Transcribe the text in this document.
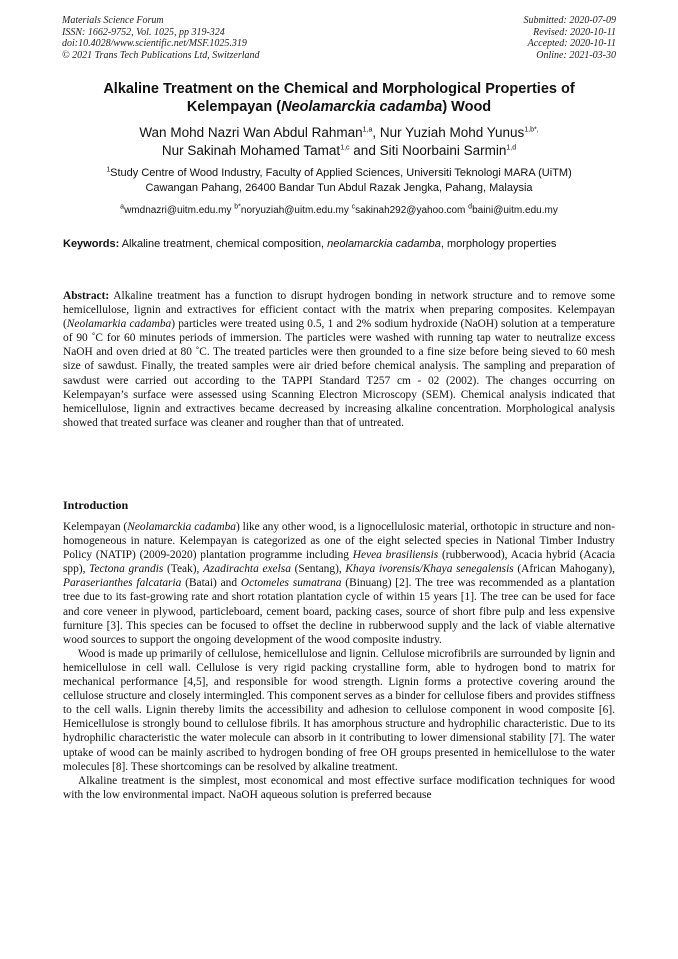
Materials Science Forum
ISSN: 1662-9752, Vol. 1025, pp 319-324
doi:10.4028/www.scientific.net/MSF.1025.319
© 2021 Trans Tech Publications Ltd, Switzerland
Submitted: 2020-07-09
Revised: 2020-10-11
Accepted: 2020-10-11
Online: 2021-03-30
Alkaline Treatment on the Chemical and Morphological Properties of
Kelempayan (Neolamarckia cadamba) Wood
Wan Mohd Nazri Wan Abdul Rahman$^{1,a}$, Nur Yuziah Mohd Yunus$^{1,b*,}$
Nur Sakinah Mohamed Tamat$^{1,c}$ and Siti Noorbaini Sarmin$^{1,d}$
$^1$Study Centre of Wood Industry, Faculty of Applied Sciences, Universiti Teknologi MARA (UiTM)
Cawangan Pahang, 26400 Bandar Tun Abdul Razak Jengka, Pahang, Malaysia
$^a$wmdnazri@uitm.edu.my $^{b*}$noryuziah@uitm.edu.my $^c$sakinah292@yahoo.com $^d$baini@uitm.edu.my
Keywords: Alkaline treatment, chemical composition, neolamarckia cadamba, morphology properties
Abstract: Alkaline treatment has a function to disrupt hydrogen bonding in network structure and to remove some hemicellulose, lignin and extractives for efficient contact with the matrix when preparing composites. Kelempayan (Neolamarkia cadamba) particles were treated using 0.5, 1 and 2% sodium hydroxide (NaOH) solution at a temperature of 90 ˚C for 60 minutes periods of immersion. The particles were washed with running tap water to neutralize excess NaOH and oven dried at 80 ˚C. The treated particles were then grounded to a fine size before being sieved to 60 mesh size of sawdust. Finally, the treated samples were air dried before chemical analysis. The sampling and preparation of sawdust were carried out according to the TAPPI Standard T257 cm - 02 (2002). The changes occurring on Kelempayan’s surface were assessed using Scanning Electron Microscopy (SEM). Chemical analysis indicated that hemicellulose, lignin and extractives became decreased by increasing alkaline concentration. Morphological analysis showed that treated surface was cleaner and rougher than that of untreated.
Introduction

Kelempayan (Neolamarckia cadamba) like any other wood, is a lignocellulosic material, orthotopic in structure and non-homogeneous in nature. Kelempayan is categorized as one of the eight selected species in National Timber Industry Policy (NATIP) (2009-2020) plantation programme including Hevea brasiliensis (rubberwood), Acacia hybrid (Acacia spp), Tectona grandis (Teak), Azadirachta exelsa (Sentang), Khaya ivorensis/Khaya senegalensis (African Mahogany), Paraserianthes falcataria (Batai) and Octomeles sumatrana (Binuang) [2]. The tree was recommended as a plantation tree due to its fast-growing rate and short rotation plantation cycle of within 15 years [1]. The tree can be used for face and core veneer in plywood, particleboard, cement board, packing cases, source of short fibre pulp and less expensive furniture [3]. This species can be focused to offset the decline in rubberwood supply and the lack of viable alternative wood sources to support the ongoing development of the wood composite industry.

Wood is made up primarily of cellulose, hemicellulose and lignin. Cellulose microfibrils are surrounded by lignin and hemicellulose in cell wall. Cellulose is very rigid packing crystalline form, able to hydrogen bond to matrix for mechanical performance [4,5], and responsible for wood strength. Lignin forms a protective covering around the cellulose structure and closely intermingled. This component serves as a binder for cellulose fibers and provides stiffness to the cell walls. Lignin thereby limits the accessibility and adhesion to cellulose component in wood composite [6]. Hemicellulose is strongly bound to cellulose fibrils. It has amorphous structure and hydrophilic characteristic. Due to its hydrophilic characteristic the water molecule can absorb in it contributing to lower dimensional stability [7]. The water uptake of wood can be mainly ascribed to hydrogen bonding of free OH groups presented in hemicellulose to the water molecules [8]. These shortcomings can be resolved by alkaline treatment.

Alkaline treatment is the simplest, most economical and most effective surface modification techniques for wood with the low environmental impact. NaOH aqueous solution is preferred because
